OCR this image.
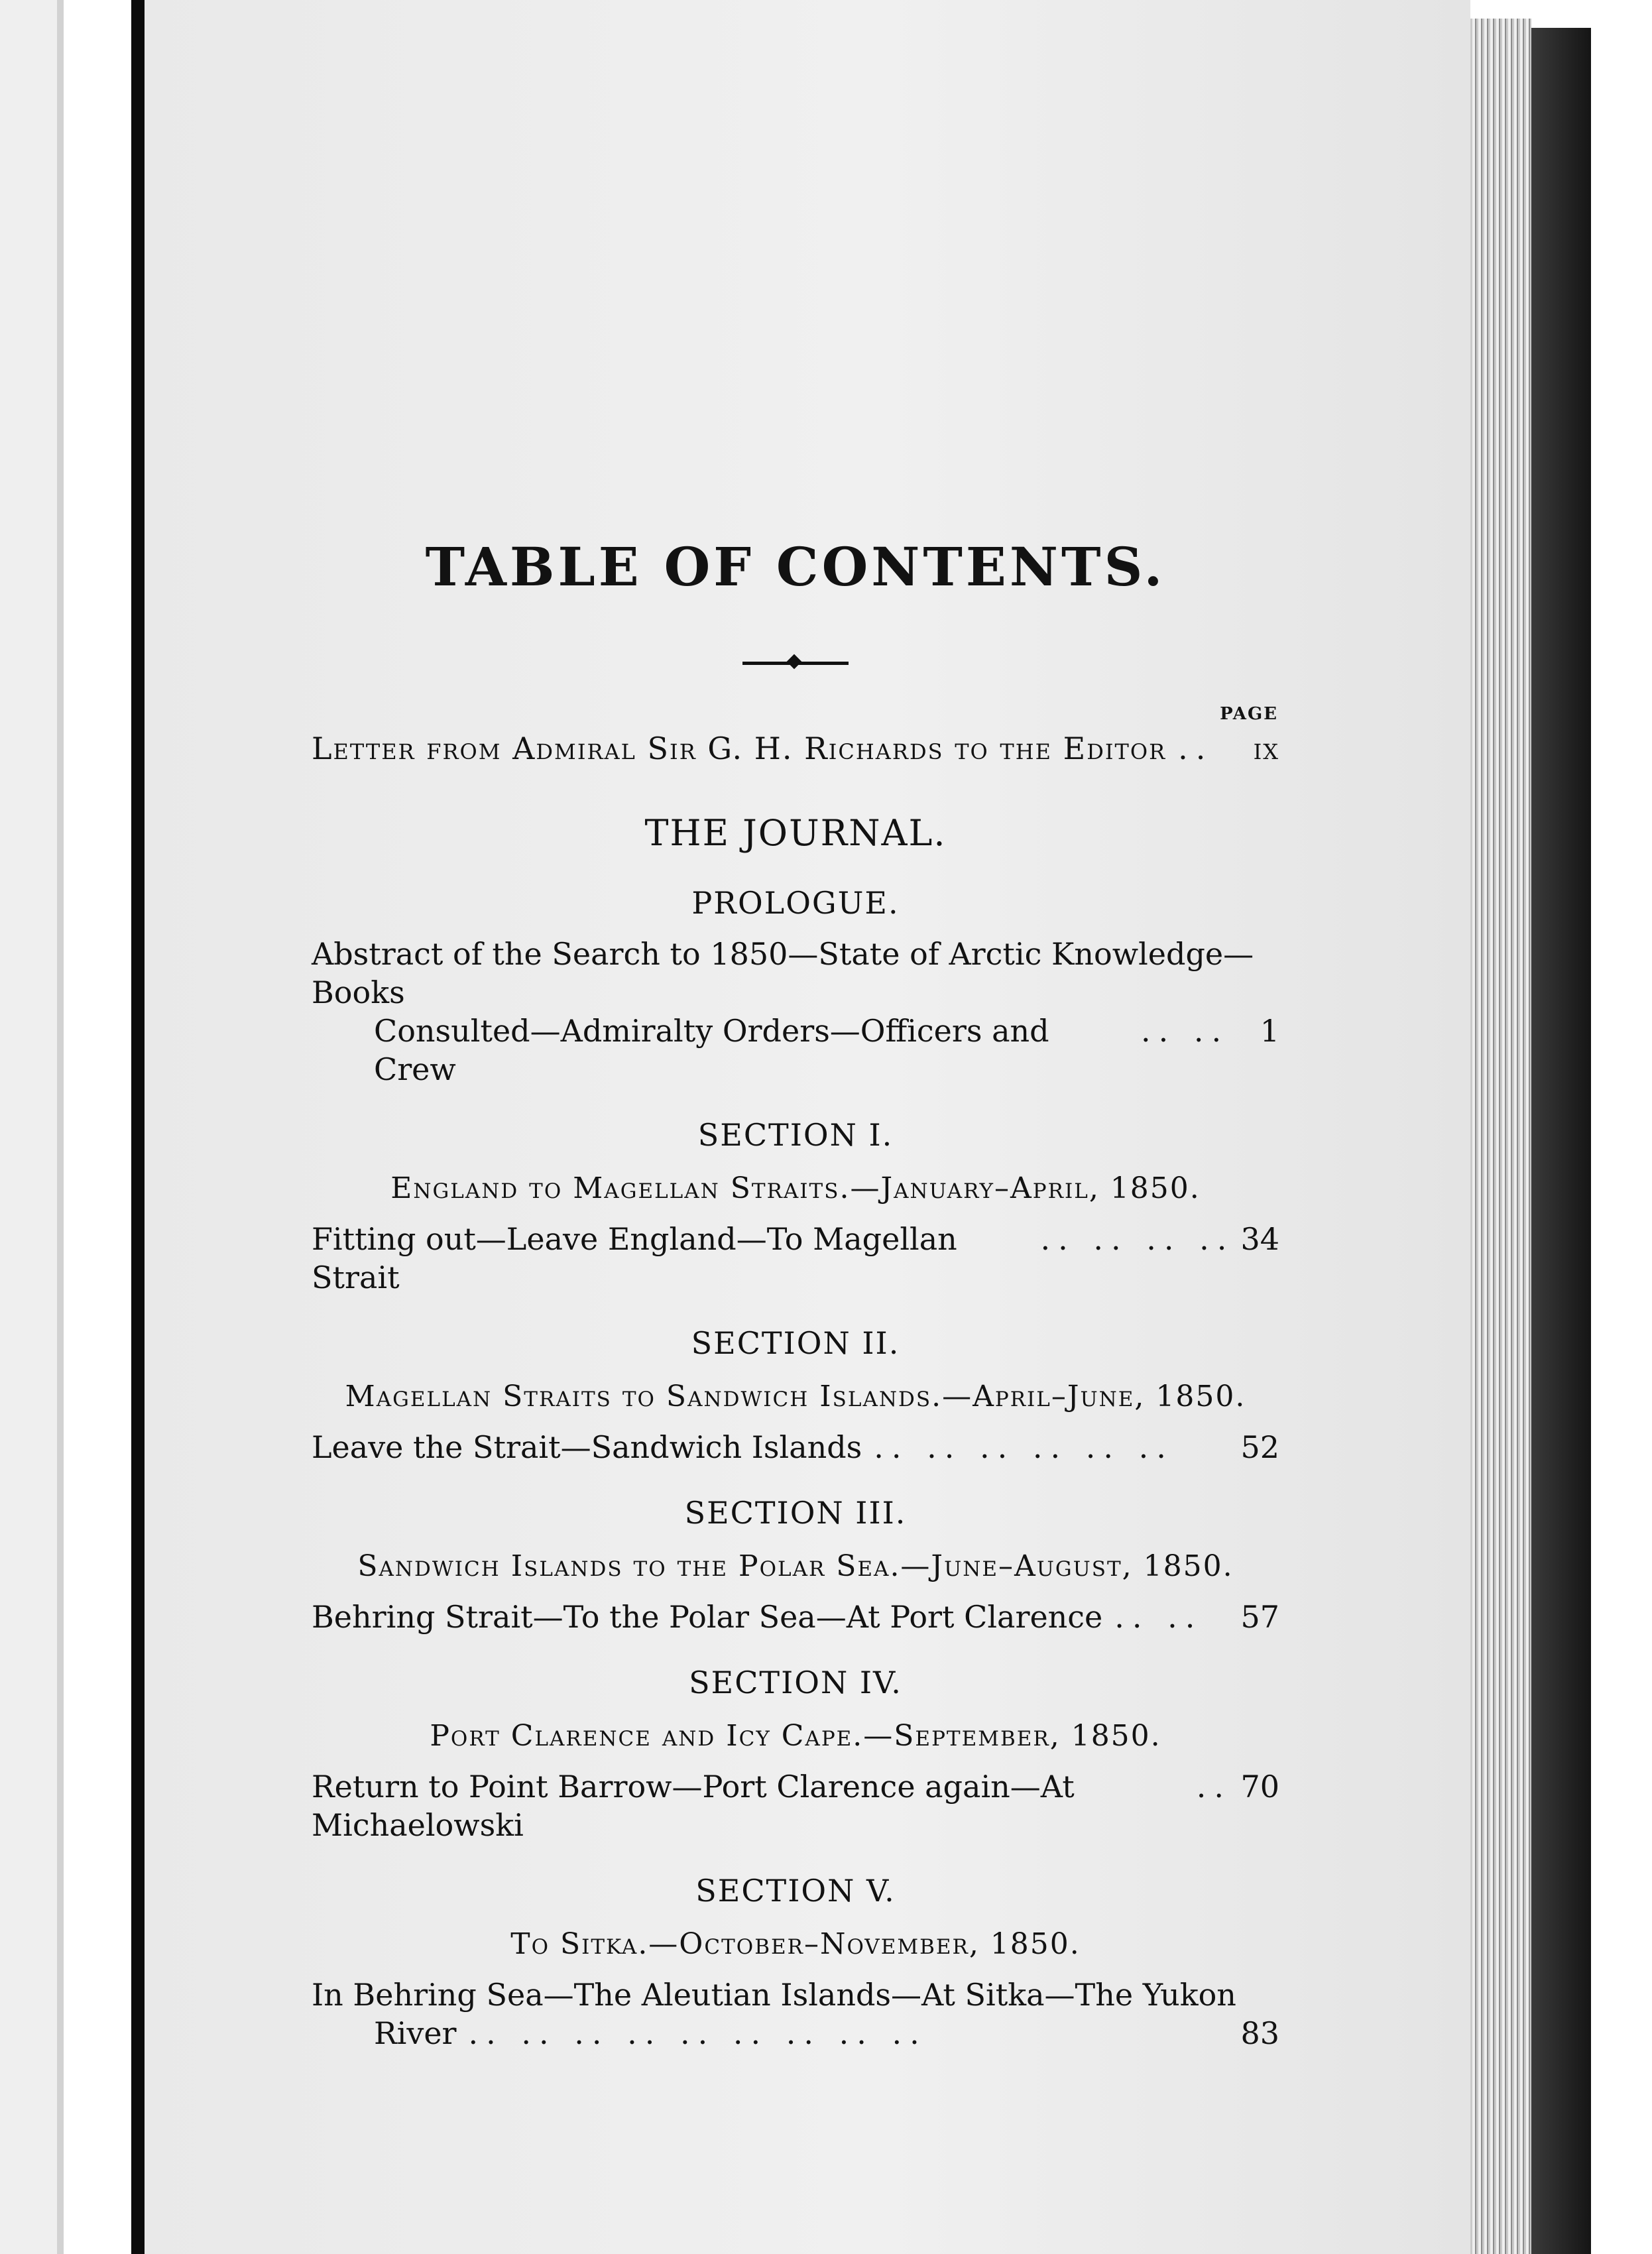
TABLE OF CONTENTS.
PAGE
Letter from Admiral Sir G. H. Richards to the Editor ..	ix
THE JOURNAL.
PROLOGUE.
Abstract of the Search to 1850—State of Arctic Knowledge—Books
Consulted—Admiralty Orders—Officers and Crew
.. ..	1
SECTION I.
England to Magellan Straits.—January–April, 1850.
Fitting out—Leave England—To Magellan Strait
.. .. .. .. 34
SECTION II.
Magellan Straits to Sandwich Islands.—April–June, 1850.
Leave the Strait—Sandwich Islands .. .. .. .. .. ..	52
SECTION III.
Sandwich Islands to the Polar Sea.—June–August, 1850.
Behring Strait—To the Polar Sea—At Port Clarence .. ..	57
SECTION IV.
Port Clarence and Icy Cape.—September, 1850.
Return to Point Barrow—Port Clarence again—At Michaelowski
.. 70
SECTION V.
To Sitka.—October–November, 1850.
In Behring Sea—The Aleutian Islands—At Sitka—The Yukon
River .. .. .. .. .. .. .. .. ..	83
